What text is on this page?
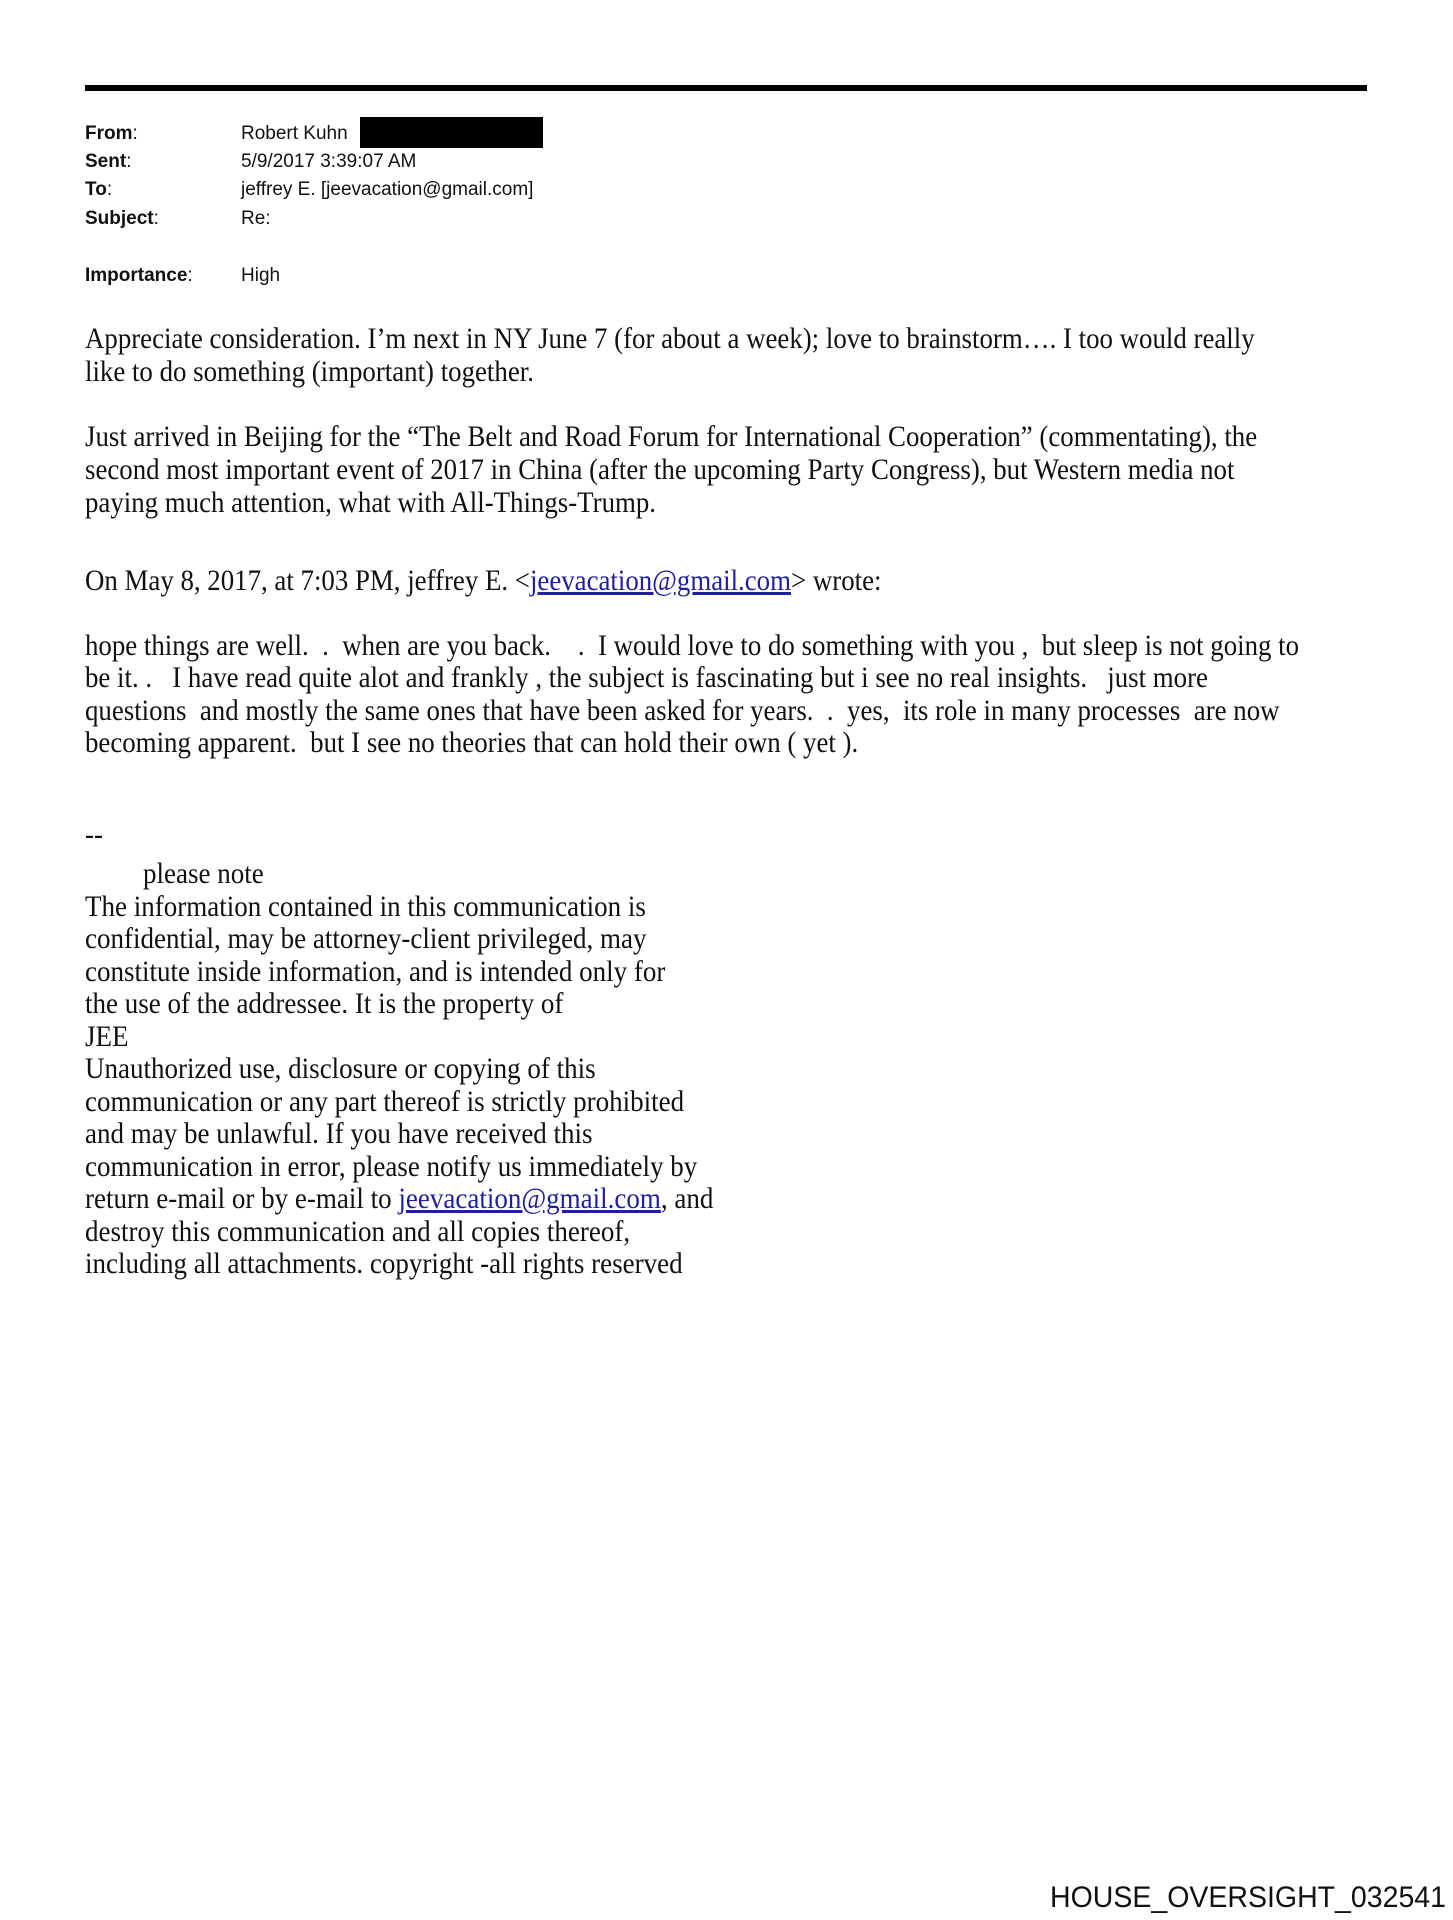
From:	Robert Kuhn
Sent:	5/9/2017 3:39:07 AM
To:	jeffrey E. [jeevacation@gmail.com]
Subject:	Re:
Importance:	High
Appreciate consideration. I’m next in NY June 7 (for about a week); love to brainstorm…. I too would really
like to do something (important) together.
Just arrived in Beijing for the “The Belt and Road Forum for International Cooperation” (commentating), the
second most important event of 2017 in China (after the upcoming Party Congress), but Western media not
paying much attention, what with All-Things-Trump.
On May 8, 2017, at 7:03 PM, jeffrey E. <jeevacation@gmail.com> wrote:
hope things are well.  .  when are you back.    .  I would love to do something with you ,  but sleep is not going to
be it. .   I have read quite alot and frankly , the subject is fascinating but i see no real insights.   just more
questions  and mostly the same ones that have been asked for years.  .  yes,  its role in many processes  are now
becoming apparent.  but I see no theories that can hold their own ( yet ).
--
please note
The information contained in this communication is
confidential, may be attorney-client privileged, may
constitute inside information, and is intended only for
the use of the addressee. It is the property of
JEE
Unauthorized use, disclosure or copying of this
communication or any part thereof is strictly prohibited
and may be unlawful. If you have received this
communication in error, please notify us immediately by
return e-mail or by e-mail to jeevacation@gmail.com, and
destroy this communication and all copies thereof,
including all attachments. copyright -all rights reserved
HOUSE_OVERSIGHT_032541
